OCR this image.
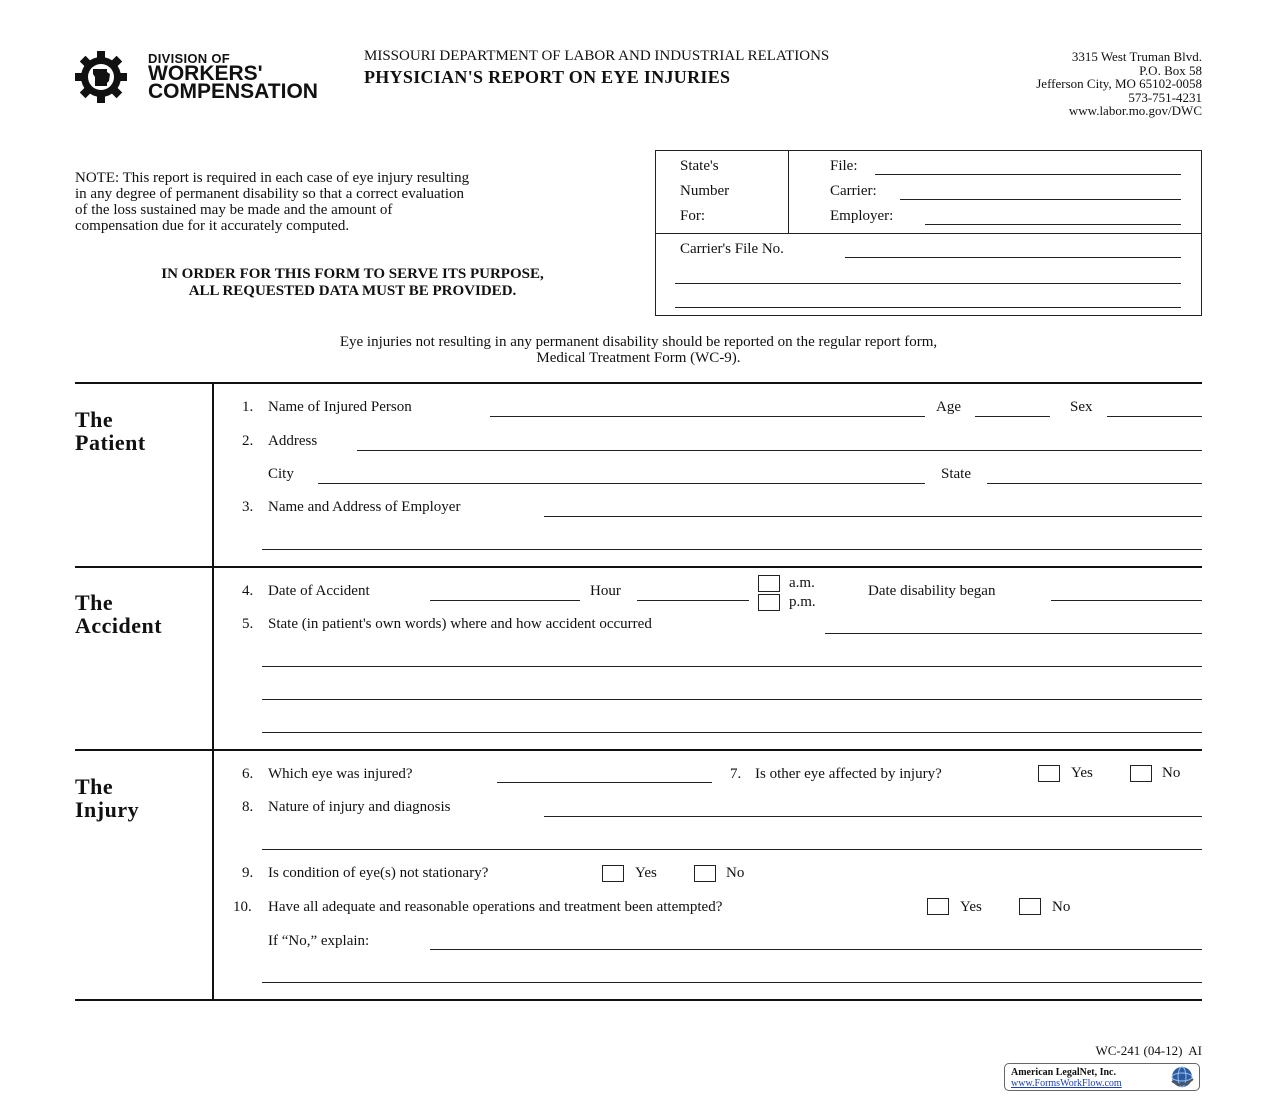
DIVISION OF
WORKERS'
COMPENSATION
MISSOURI DEPARTMENT OF LABOR AND INDUSTRIAL RELATIONS
PHYSICIAN'S REPORT ON EYE INJURIES
3315 West Truman Blvd.
P.O. Box 58
Jefferson City, MO 65102-0058
573-751-4231
www.labor.mo.gov/DWC
NOTE: This report is required in each case of eye injury resulting
in any degree of permanent disability so that a correct evaluation
of the loss sustained may be made and the amount of
compensation due for it accurately computed.
IN ORDER FOR THIS FORM TO SERVE ITS PURPOSE,
ALL REQUESTED DATA MUST BE PROVIDED.
State's
Number
For:
File:
Carrier:
Employer:
Carrier's File No.
Eye injuries not resulting in any permanent disability should be reported on the regular report form,
Medical Treatment Form (WC-9).
The
Patient
1. Name of Injured Person	Age	Sex
2. Address
City	State
3. Name and Address of Employer
The
Accident
4. Date of Accident	Hour	a.m.
p.m.
Date disability began
5. State (in patient's own words) where and how accident occurred
The
Injury
6. Which eye was injured?	7. Is other eye affected by injury?	Yes	No
8. Nature of injury and diagnosis
9. Is condition of eye(s) not stationary?	Yes	No
10. Have all adequate and reasonable operations and treatment been attempted?	Yes	No
If “No,” explain:
WC-241 (04-12)  AI
American LegalNet, Inc.
www.FormsWorkFlow.com
